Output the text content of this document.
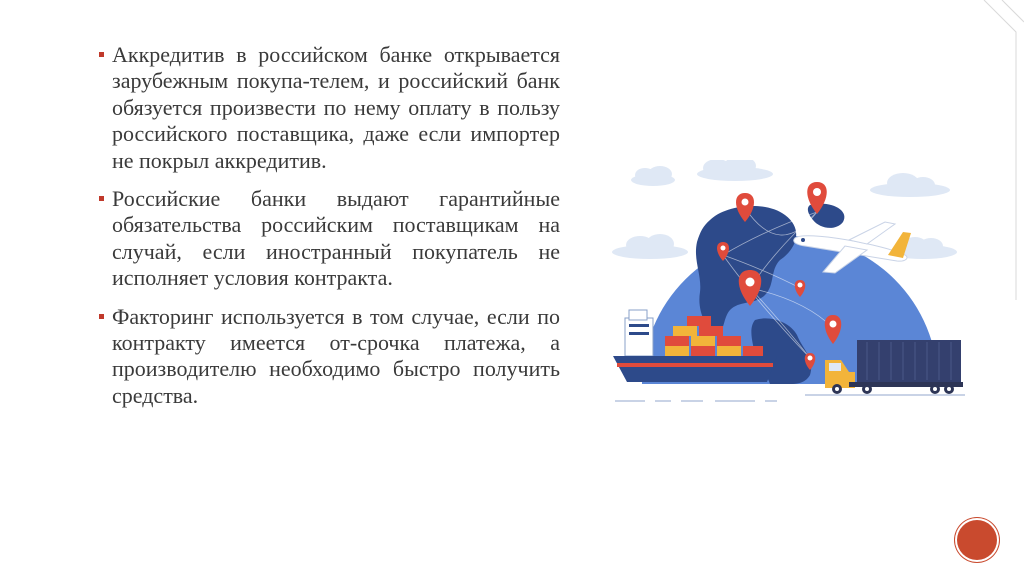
Аккредитив в российском банке открывается зарубежным покупа-телем, и российский банк обязуется произвести по нему оплату в пользу российского поставщика, даже если импортер не покрыл аккредитив.
Российские банки выдают гарантийные обязательства российским поставщикам на случай, если иностранный покупатель не исполняет условия контракта.
Факторинг используется в том случае, если по контракту имеется от-срочка платежа, а производителю необходимо быстро получить средства.
